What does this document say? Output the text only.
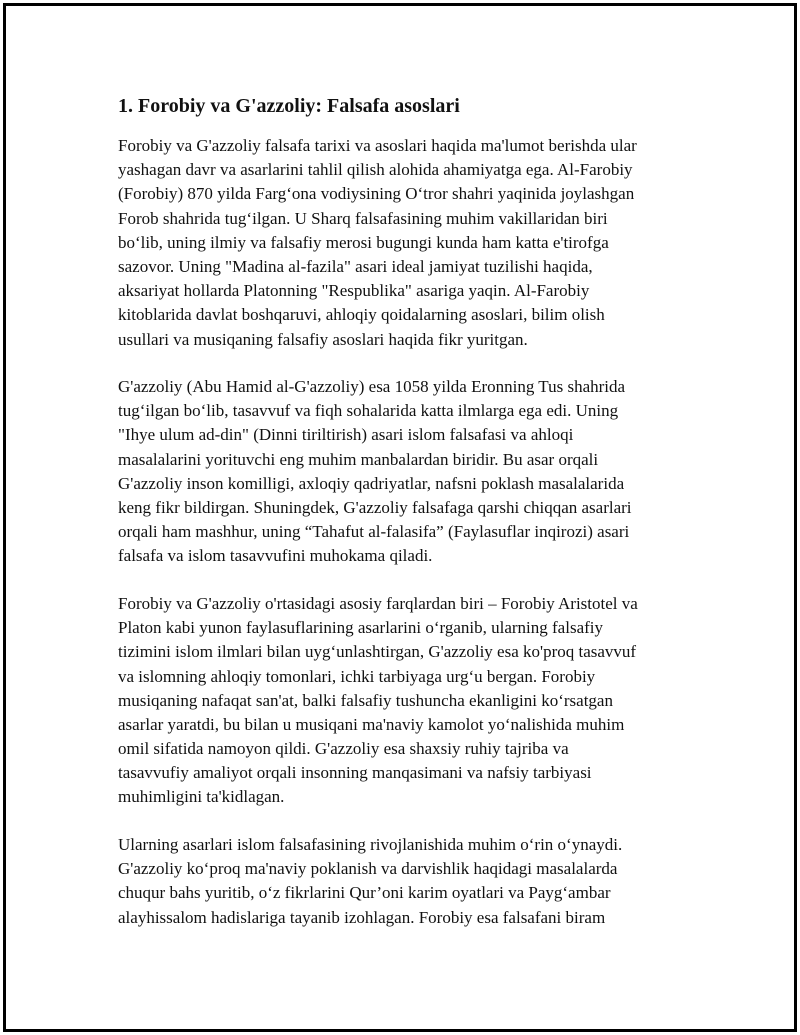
1. Forobiy va G'azzoliy: Falsafa asoslari
Forobiy va G'azzoliy falsafa tarixi va asoslari haqida ma'lumot berishda ular
yashagan davr va asarlarini tahlil qilish alohida ahamiyatga ega. Al-Farobiy
(Forobiy) 870 yilda Farg‘ona vodiysining O‘tror shahri yaqinida joylashgan
Forob shahrida tug‘ilgan. U Sharq falsafasining muhim vakillaridan biri
bo‘lib, uning ilmiy va falsafiy merosi bugungi kunda ham katta e'tirofga
sazovor. Uning "Madina al-fazila" asari ideal jamiyat tuzilishi haqida,
aksariyat hollarda Platonning "Respublika" asariga yaqin. Al-Farobiy
kitoblarida davlat boshqaruvi, ahloqiy qoidalarning asoslari, bilim olish
usullari va musiqaning falsafiy asoslari haqida fikr yuritgan.
G'azzoliy (Abu Hamid al-G'azzoliy) esa 1058 yilda Eronning Tus shahrida
tug‘ilgan bo‘lib, tasavvuf va fiqh sohalarida katta ilmlarga ega edi. Uning
"Ihye ulum ad-din" (Dinni tiriltirish) asari islom falsafasi va ahloqi
masalalarini yorituvchi eng muhim manbalardan biridir. Bu asar orqali
G'azzoliy inson komilligi, axloqiy qadriyatlar, nafsni poklash masalalarida
keng fikr bildirgan. Shuningdek, G'azzoliy falsafaga qarshi chiqqan asarlari
orqali ham mashhur, uning “Tahafut al-falasifa” (Faylasuflar inqirozi) asari
falsafa va islom tasavvufini muhokama qiladi.
Forobiy va G'azzoliy o'rtasidagi asosiy farqlardan biri – Forobiy Aristotel va
Platon kabi yunon faylasuflarining asarlarini o‘rganib, ularning falsafiy
tizimini islom ilmlari bilan uyg‘unlashtirgan, G'azzoliy esa ko'proq tasavvuf
va islomning ahloqiy tomonlari, ichki tarbiyaga urg‘u bergan. Forobiy
musiqaning nafaqat san'at, balki falsafiy tushuncha ekanligini ko‘rsatgan
asarlar yaratdi, bu bilan u musiqani ma'naviy kamolot yo‘nalishida muhim
omil sifatida namoyon qildi. G'azzoliy esa shaxsiy ruhiy tajriba va
tasavvufiy amaliyot orqali insonning manqasimani va nafsiy tarbiyasi
muhimligini ta'kidlagan.
Ularning asarlari islom falsafasining rivojlanishida muhim o‘rin o‘ynaydi.
G'azzoliy ko‘proq ma'naviy poklanish va darvishlik haqidagi masalalarda
chuqur bahs yuritib, o‘z fikrlarini Qur’oni karim oyatlari va Payg‘ambar
alayhissalom hadislariga tayanib izohlagan. Forobiy esa falsafani biram
